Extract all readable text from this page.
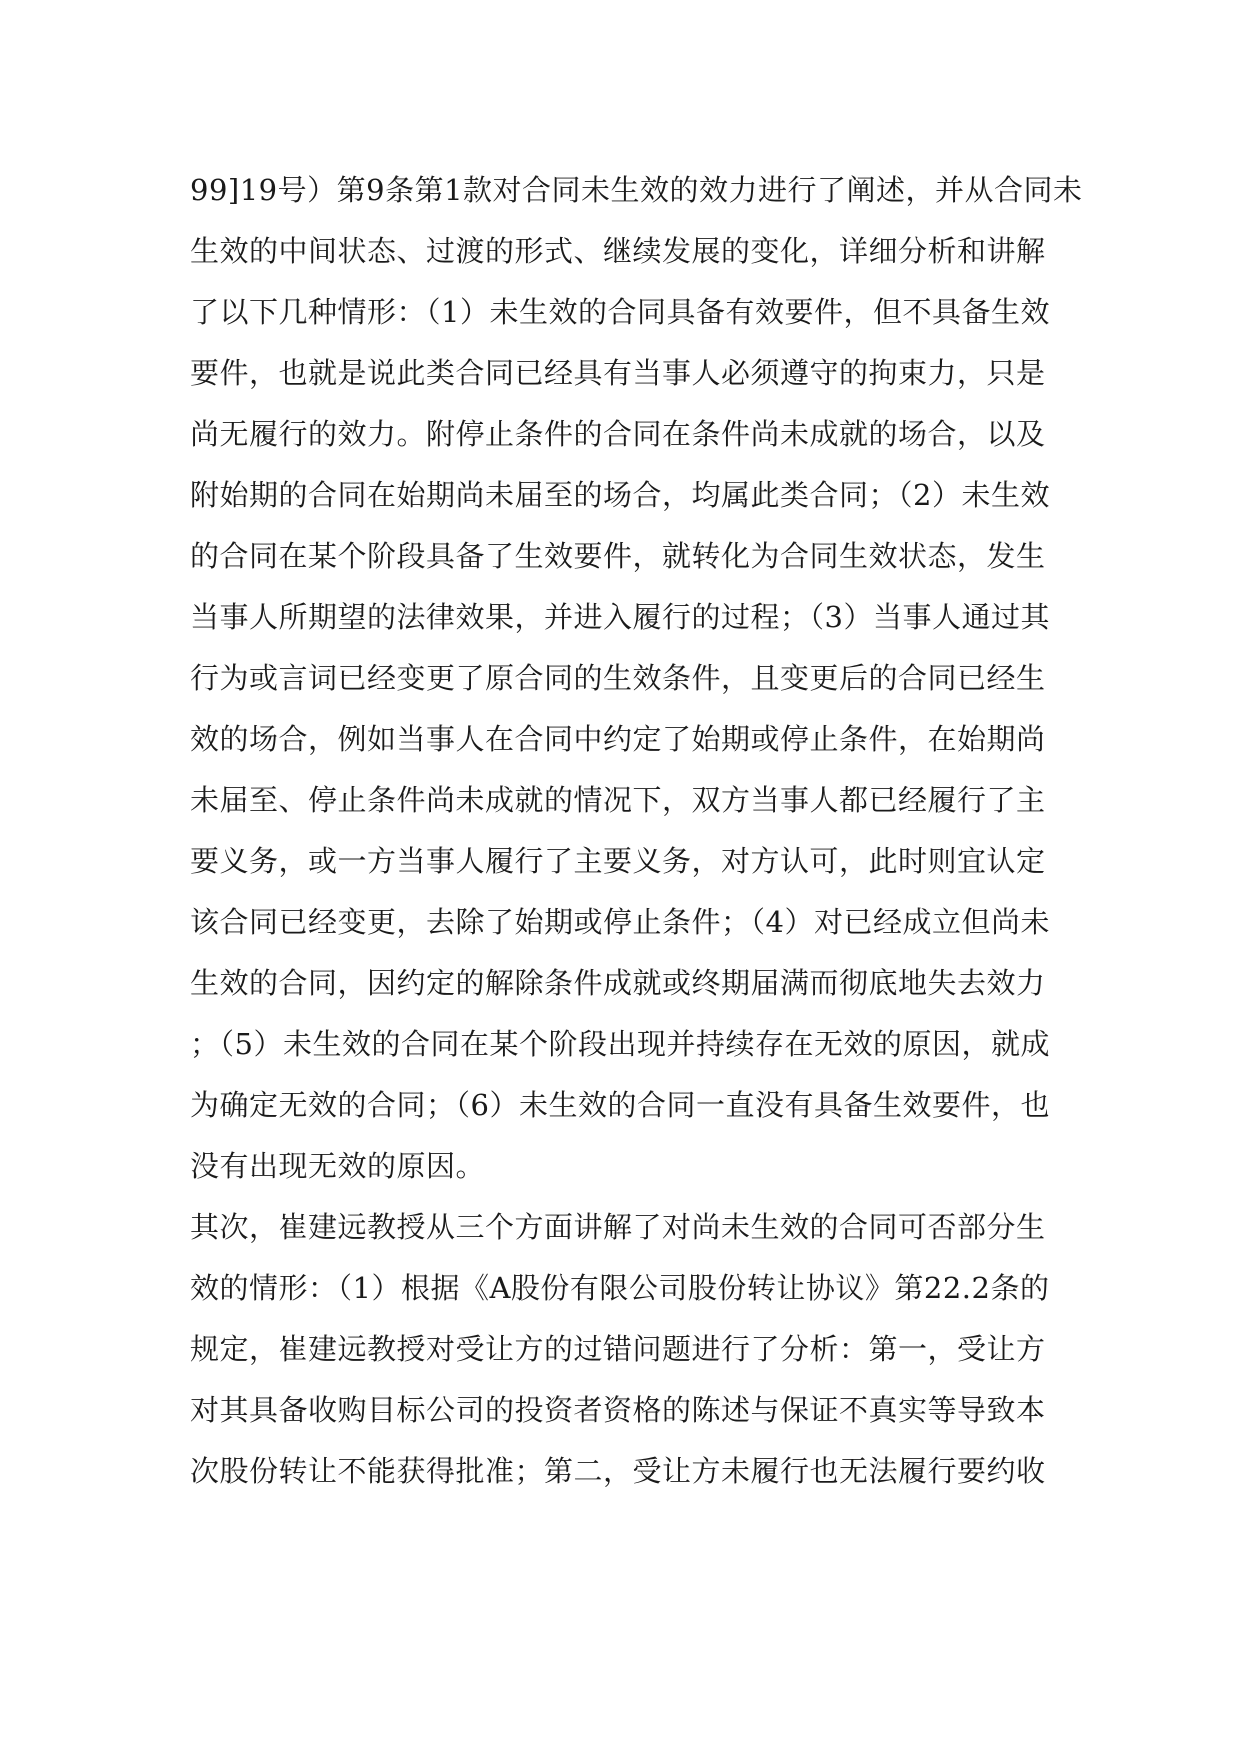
99]19号）第9条第1款对合同未生效的效力进行了阐述，并从合同未
生效的中间状态、过渡的形式、继续发展的变化，详细分析和讲解
了以下几种情形：（1）未生效的合同具备有效要件，但不具备生效
要件，也就是说此类合同已经具有当事人必须遵守的拘束力，只是
尚无履行的效力。附停止条件的合同在条件尚未成就的场合，以及
附始期的合同在始期尚未届至的场合，均属此类合同；（2）未生效
的合同在某个阶段具备了生效要件，就转化为合同生效状态，发生
当事人所期望的法律效果，并进入履行的过程；（3）当事人通过其
行为或言词已经变更了原合同的生效条件，且变更后的合同已经生
效的场合，例如当事人在合同中约定了始期或停止条件，在始期尚
未届至、停止条件尚未成就的情况下，双方当事人都已经履行了主
要义务，或一方当事人履行了主要义务，对方认可，此时则宜认定
该合同已经变更，去除了始期或停止条件；（4）对已经成立但尚未
生效的合同，因约定的解除条件成就或终期届满而彻底地失去效力
；（5）未生效的合同在某个阶段出现并持续存在无效的原因，就成
为确定无效的合同；（6）未生效的合同一直没有具备生效要件，也
没有出现无效的原因。
其次，崔建远教授从三个方面讲解了对尚未生效的合同可否部分生
效的情形：（1）根据《A股份有限公司股份转让协议》第22.2条的
规定，崔建远教授对受让方的过错问题进行了分析：第一，受让方
对其具备收购目标公司的投资者资格的陈述与保证不真实等导致本
次股份转让不能获得批准；第二，受让方未履行也无法履行要约收
